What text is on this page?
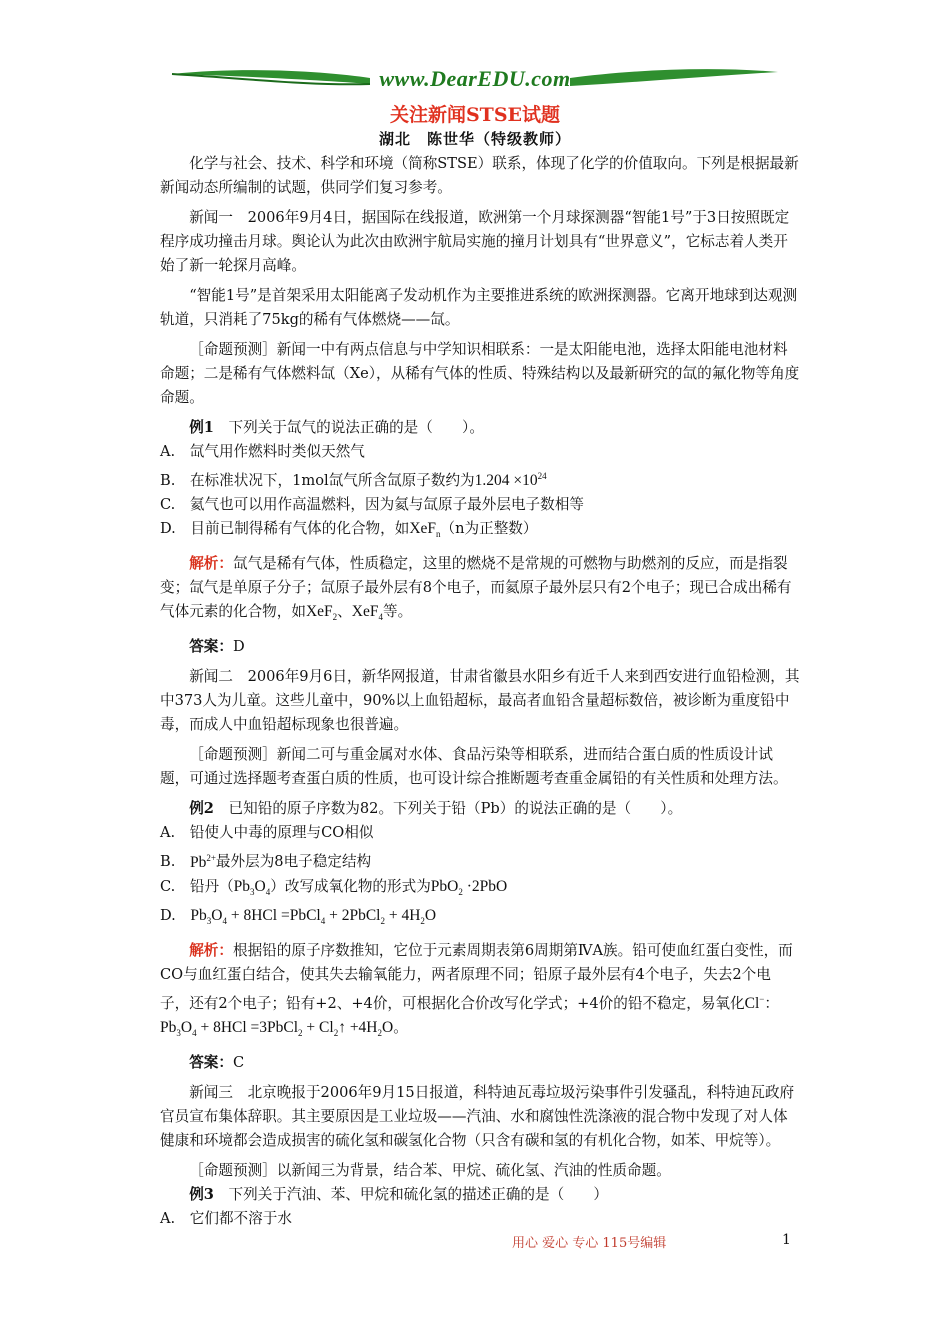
www.DearEDU.com
关注新闻STSE试题
湖北　陈世华（特级教师）

化学与社会、技术、科学和环境（简称STSE）联系，体现了化学的价值取向。下列是根据最新新闻动态所编制的试题，供同学们复习参考。

新闻一　2006年9月4日，据国际在线报道，欧洲第一个月球探测器“智能1号”于3日按照既定程序成功撞击月球。舆论认为此次由欧洲宇航局实施的撞月计划具有“世界意义”，它标志着人类开始了新一轮探月高峰。

“智能1号”是首架采用太阳能离子发动机作为主要推进系统的欧洲探测器。它离开地球到达观测轨道，只消耗了75kg的稀有气体燃烧——氙。

［命题预测］新闻一中有两点信息与中学知识相联系：一是太阳能电池，选择太阳能电池材料命题；二是稀有气体燃料氙（Xe），从稀有气体的性质、特殊结构以及最新研究的氙的氟化物等角度命题。

例1　下列关于氙气的说法正确的是（　　）。

A.　氙气用作燃料时类似天然气

B.　在标准状况下，1mol氙气所含氙原子数约为$1.204 \times 10^{24}$

C.　氦气也可以用作高温燃料，因为氦与氙原子最外层电子数相等

D.　目前已制得稀有气体的化合物，如XeF$_n$（n为正整数）

解析：氙气是稀有气体，性质稳定，这里的燃烧不是常规的可燃物与助燃剂的反应，而是指裂变；氙气是单原子分子；氙原子最外层有8个电子，而氦原子最外层只有2个电子；现已合成出稀有气体元素的化合物，如XeF$_2$、XeF$_4$等。

答案：D

新闻二　2006年9月6日，新华网报道，甘肃省徽县水阳乡有近千人来到西安进行血铅检测，其中373人为儿童。这些儿童中，90%以上血铅超标，最高者血铅含量超标数倍，被诊断为重度铅中毒，而成人中血铅超标现象也很普遍。

［命题预测］新闻二可与重金属对水体、食品污染等相联系，进而结合蛋白质的性质设计试题，可通过选择题考查蛋白质的性质，也可设计综合推断题考查重金属铅的有关性质和处理方法。

例2　已知铅的原子序数为82。下列关于铅（Pb）的说法正确的是（　　）。

A.　铅使人中毒的原理与CO相似

B.　$Pb^{2+}$最外层为8电子稳定结构

C.　铅丹$(Pb_3O_4)$改写成氧化物的形式为PbO$_2$ ·2PbO

D.　$Pb_3O_4 + 8HCl$ =PbCl$_4$ + 2PbCl$_2$ + $4H_2O$

解析：根据铅的原子序数推知，它位于元素周期表第6周期第ⅣA族。铅可使血红蛋白变性，而CO与血红蛋白结合，使其失去输氧能力，两者原理不同；铅原子最外层有4个电子，失去2个电子，还有2个电子；铅有+2、+4价，可根据化合价改写化学式；+4价的铅不稳定，易氧化Cl−：$Pb_3O_4 + 8HCl$ =3PbCl$_2$ + $Cl_2↑ +4H_2O$。

答案：C

新闻三　北京晚报于2006年9月15日报道，科特迪瓦毒垃圾污染事件引发骚乱，科特迪瓦政府官员宣布集体辞职。其主要原因是工业垃圾——汽油、水和腐蚀性洗涤液的混合物中发现了对人体健康和环境都会造成损害的硫化氢和碳氢化合物（只含有碳和氢的有机化合物，如苯、甲烷等）。

［命题预测］以新闻三为背景，结合苯、甲烷、硫化氢、汽油的性质命题。

例3　下列关于汽油、苯、甲烷和硫化氢的描述正确的是（　　）

A.　它们都不溶于水

用心 爱心 专心 115号编辑	1
